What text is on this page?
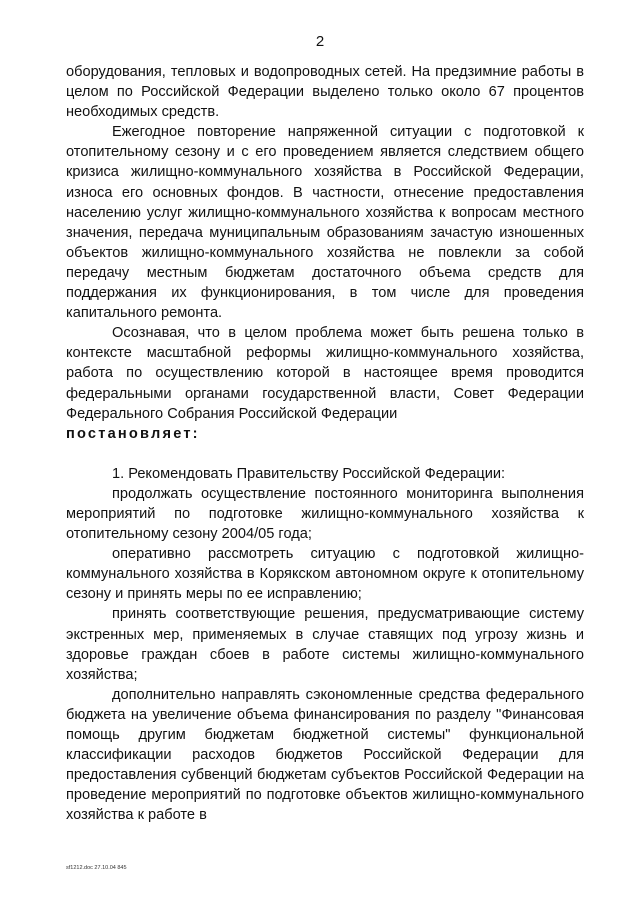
2

оборудования, тепловых и водопроводных сетей. На предзимние работы в целом по Российской Федерации выделено только около 67 процентов необходимых средств.

Ежегодное повторение напряженной ситуации с подготовкой к отопительному сезону и с его проведением является следствием общего кризиса жилищно-коммунального хозяйства в Российской Федерации, износа его основных фондов. В частности, отнесение предоставления населению услуг жилищно-коммунального хозяйства к вопросам местного значения, передача муниципальным образованиям зачастую изношенных объектов жилищно-коммунального хозяйства не повлекли за собой передачу местным бюджетам достаточного объема средств для поддержания их функционирования, в том числе для проведения капитального ремонта.

Осознавая, что в целом проблема может быть решена только в контексте масштабной реформы жилищно-коммунального хозяйства, работа по осуществлению которой в настоящее время проводится федеральными органами государственной власти, Совет Федерации Федерального Собрания Российской Федерации

постановляет:

1. Рекомендовать Правительству Российской Федерации:

продолжать осуществление постоянного мониторинга выполнения мероприятий по подготовке жилищно-коммунального хозяйства к отопительному сезону 2004/05 года;

оперативно рассмотреть ситуацию с подготовкой жилищно-коммунального хозяйства в Корякском автономном округе к отопительному сезону и принять меры по ее исправлению;

принять соответствующие решения, предусматривающие систему экстренных мер, применяемых в случае ставящих под угрозу жизнь и здоровье граждан сбоев в работе системы жилищно-коммунального хозяйства;

дополнительно направлять сэкономленные средства федерального бюджета на увеличение объема финансирования по разделу "Финансовая помощь другим бюджетам бюджетной системы" функциональной классификации расходов бюджетов Российской Федерации для предоставления субвенций бюджетам субъектов Российской Федерации на проведение мероприятий по подготовке объектов жилищно-коммунального хозяйства к работе в

sf1212.doc 27.10.04 845
